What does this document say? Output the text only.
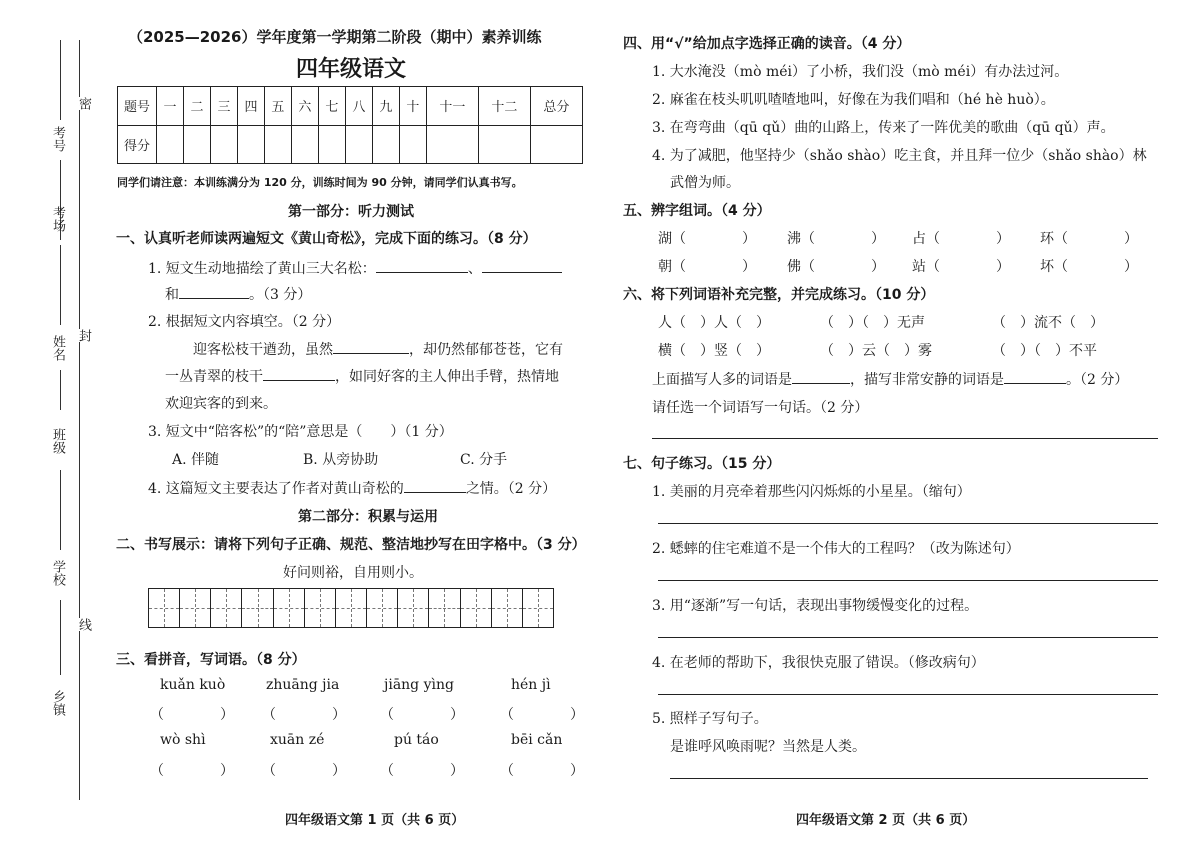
密
封
线
考号
考场
姓名
班级
学校
乡镇
（2025—2026）学年度第一学期第二阶段（期中）素养训练
四年级语文
题号	一	二	三	四	五	六	七	八	九	十	十一	十二	总分
得分													
同学们请注意：本训练满分为 120 分，训练时间为 90 分钟，请同学们认真书写。
第一部分：听力测试
一、认真听老师读两遍短文《黄山奇松》，完成下面的练习。（8 分）
1. 短文生动地描绘了黄山三大名松：	、
和	。（3 分）
2. 根据短文内容填空。（2 分）
迎客松枝干遒劲，虽然	，却仍然郁郁苍苍，它有
一丛青翠的枝干	，如同好客的主人伸出手臂，热情地
欢迎宾客的到来。
3. 短文中“陪客松”的“陪”意思是（　　）（1 分）
A. 伴随	B. 从旁协助	C. 分手
4. 这篇短文主要表达了作者对黄山奇松的	之情。（2 分）
第二部分：积累与运用
二、书写展示：请将下列句子正确、规范、整洁地抄写在田字格中。（3 分）
好问则裕，自用则小。
三、看拼音，写词语。（8 分）
kuǎn kuò	zhuāng jia	jiāng yìng	hén jì
（　　　　） （　　　　） （　　　　）	（　　　　）
wò shì	xuān zé	pú táo	bēi cǎn
（　　　　） （　　　　） （　　　　）	（　　　　）
四年级语文第 1 页（共 6 页）
四、用“√”给加点字选择正确的读音。（4 分）
1. 大水淹没（mò méi）了小桥，我们没（mò méi）有办法过河。
2. 麻雀在枝头叽叽喳喳地叫，好像在为我们唱和（hé hè huò）。
3. 在弯弯曲（qū qǔ）曲的山路上，传来了一阵优美的歌曲（qū qǔ）声。
4. 为了减肥，他坚持少（shǎo shào）吃主食，并且拜一位少（shǎo shào）林
武僧为师。
五、辨字组词。（4 分）
湖（　　　　） 沸（　　　　） 占（　　　　） 环（　　　　）
朝（　　　　） 佛（　　　　） 站（　　　　） 坏（　　　　）
六、将下列词语补充完整，并完成练习。（10 分）
人（　）人（　）	（　）（　）无声	（　）流不（　）
横（　）竖（　）	（　）云（　）雾	（　）（　）不平
上面描写人多的词语是	，描写非常安静的词语是	。（2 分）
请任选一个词语写一句话。（2 分）
七、句子练习。（15 分）
1. 美丽的月亮牵着那些闪闪烁烁的小星星。（缩句）
2. 蟋蟀的住宅难道不是一个伟大的工程吗？（改为陈述句）
3. 用“逐渐”写一句话，表现出事物缓慢变化的过程。
4. 在老师的帮助下，我很快克服了错误。（修改病句）
5. 照样子写句子。
是谁呼风唤雨呢？当然是人类。
四年级语文第 2 页（共 6 页）
